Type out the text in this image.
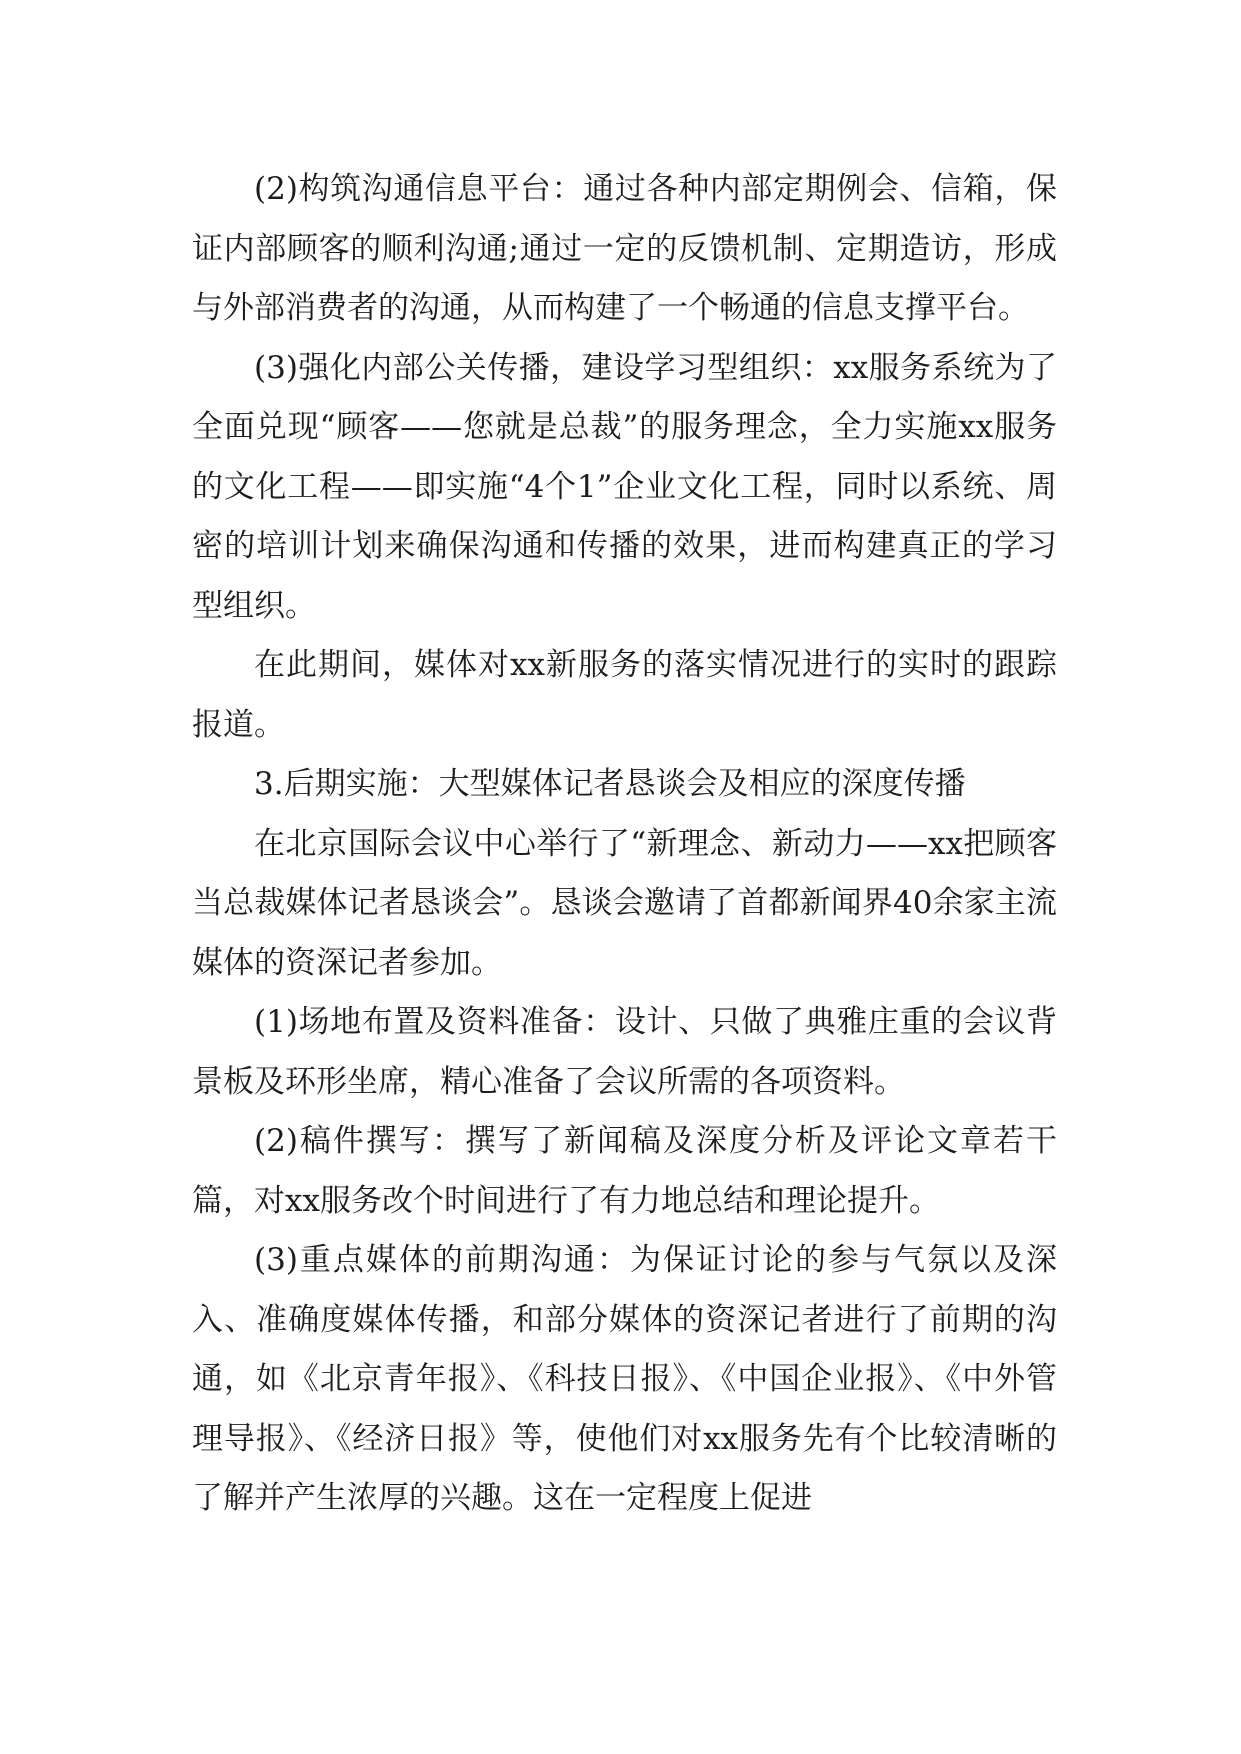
(2)构筑沟通信息平台：通过各种内部定期例会、信箱，保证内部顾客的顺利沟通;通过一定的反馈机制、定期造访，形成与外部消费者的沟通，从而构建了一个畅通的信息支撑平台。

(3)强化内部公关传播，建设学习型组织：xx服务系统为了全面兑现“顾客——您就是总裁”的服务理念，全力实施xx服务的文化工程——即实施“4个1”企业文化工程，同时以系统、周密的培训计划来确保沟通和传播的效果，进而构建真正的学习型组织。

在此期间，媒体对xx新服务的落实情况进行的实时的跟踪报道。

3.后期实施：大型媒体记者恳谈会及相应的深度传播

在北京国际会议中心举行了“新理念、新动力——xx把顾客当总裁媒体记者恳谈会”。恳谈会邀请了首都新闻界40余家主流媒体的资深记者参加。

(1)场地布置及资料准备：设计、只做了典雅庄重的会议背景板及环形坐席，精心准备了会议所需的各项资料。

(2)稿件撰写：撰写了新闻稿及深度分析及评论文章若干篇，对xx服务改个时间进行了有力地总结和理论提升。

(3)重点媒体的前期沟通：为保证讨论的参与气氛以及深入、准确度媒体传播，和部分媒体的资深记者进行了前期的沟通，如《北京青年报》、《科技日报》、《中国企业报》、《中外管理导报》、《经济日报》等，使他们对xx服务先有个比较清晰的了解并产生浓厚的兴趣。这在一定程度上促进
